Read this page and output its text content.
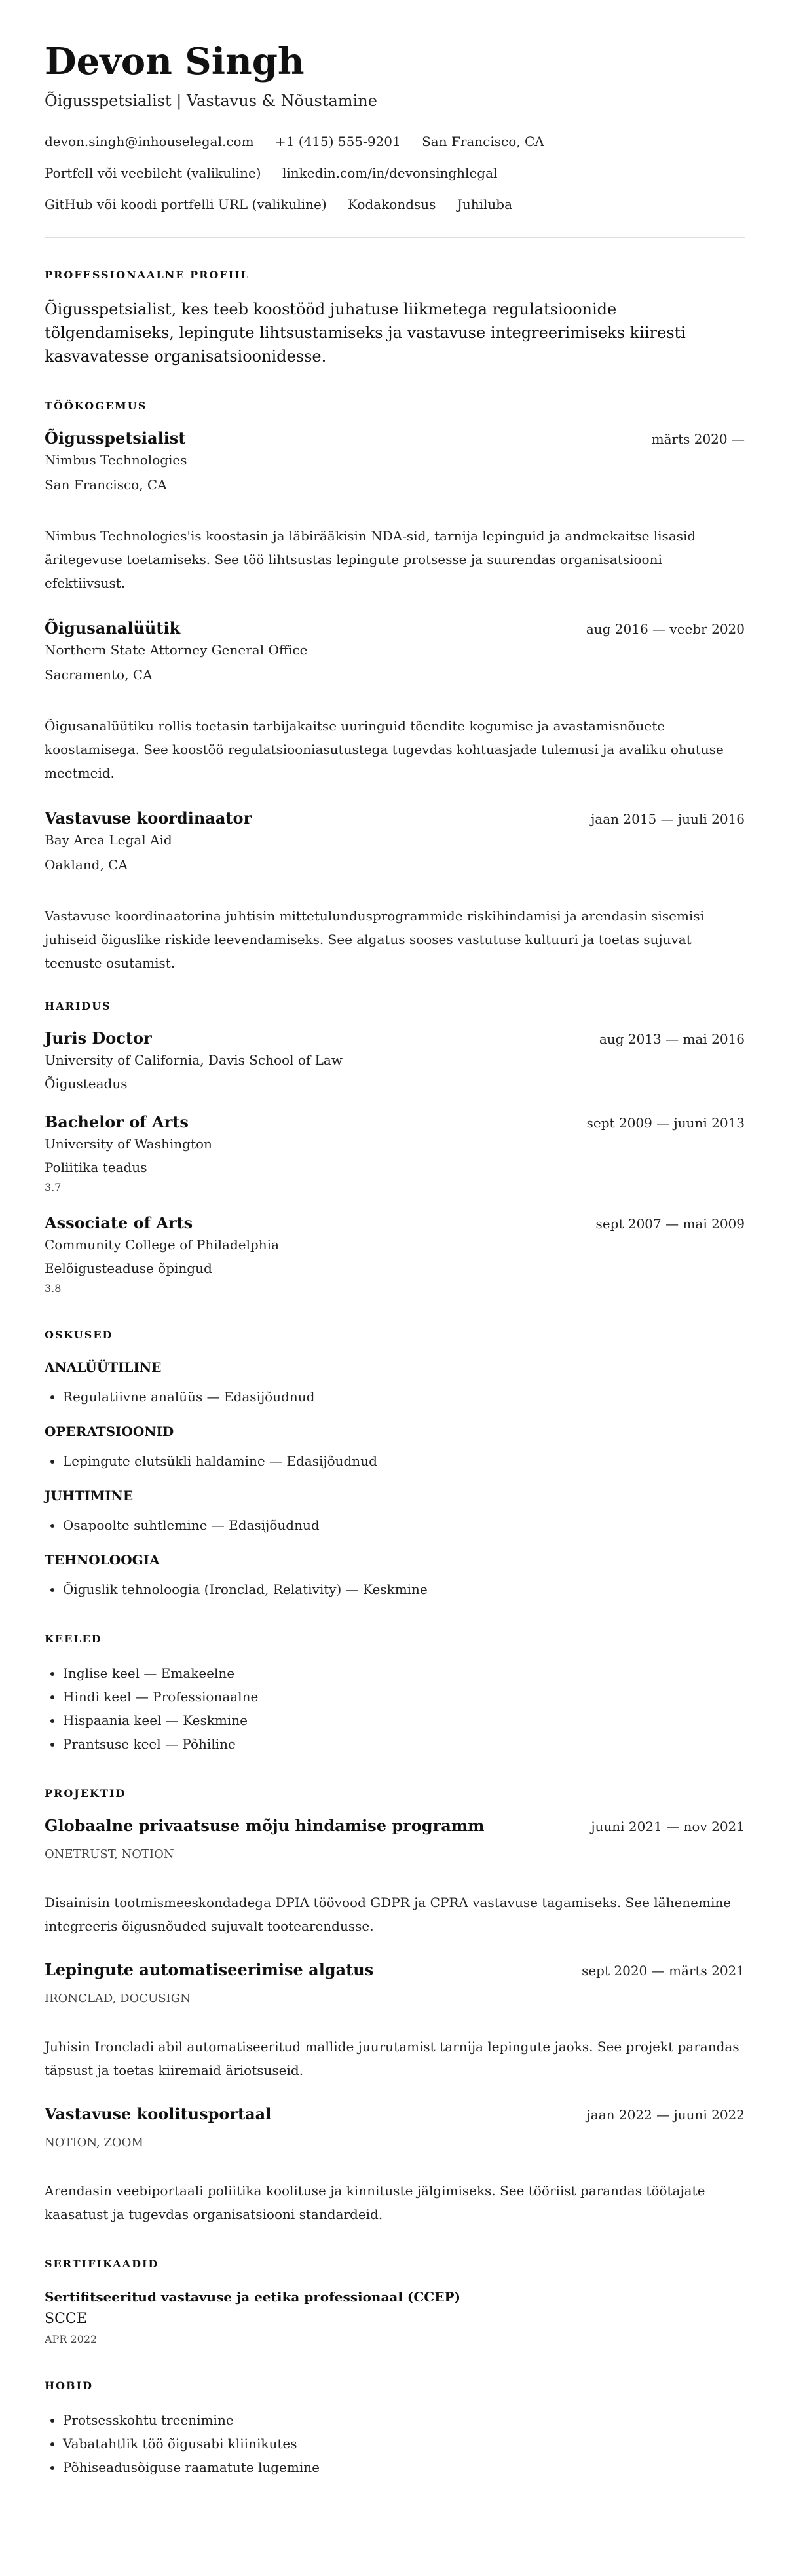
Devon Singh
Õigusspetsialist | Vastavus & Nõustamine
devon.singh@inhouselegal.com +1 (415) 555-9201 San Francisco, CA
Portfell või veebileht (valikuline) linkedin.com/in/devonsinghlegal
GitHub või koodi portfelli URL (valikuline) Kodakondsus Juhiluba
PROFESSIONAALNE PROFIIL

Õigusspetsialist, kes teeb koostööd juhatuse liikmetega regulatsioonide tõlgendamiseks, lepingute lihtsustamiseks ja vastavuse integreerimiseks kiiresti kasvavatesse organisatsioonidesse.

TÖÖKOGEMUS
Õigusspetsialist	märts 2020 —
Nimbus Technologies
San Francisco, CA

Nimbus Technologies'is koostasin ja läbirääkisin NDA-sid, tarnija lepinguid ja andmekaitse lisasid äritegevuse toetamiseks. See töö lihtsustas lepingute protsesse ja suurendas organisatsiooni efektiivsust.

Õigusanalüütik	aug 2016 — veebr 2020
Northern State Attorney General Office
Sacramento, CA

Õigusanalüütiku rollis toetasin tarbijakaitse uuringuid tõendite kogumise ja avastamisnõuete koostamisega. See koostöö regulatsiooniasutustega tugevdas kohtuasjade tulemusi ja avaliku ohutuse meetmeid.

Vastavuse koordinaator	jaan 2015 — juuli 2016
Bay Area Legal Aid
Oakland, CA

Vastavuse koordinaatorina juhtisin mittetulundusprogrammide riskihindamisi ja arendasin sisemisi juhiseid õiguslike riskide leevendamiseks. See algatus sooses vastutuse kultuuri ja toetas sujuvat teenuste osutamist.

HARIDUS
Juris Doctor	aug 2013 — mai 2016
University of California, Davis School of Law
Õigusteadus
Bachelor of Arts	sept 2009 — juuni 2013
University of Washington
Poliitika teadus
3.7
Associate of Arts	sept 2007 — mai 2009
Community College of Philadelphia
Eelõigusteaduse õpingud
3.8
OSKUSED
ANALÜÜTILINE
• Regulatiivne analüüs — Edasijõudnud
OPERATSIOONID
• Lepingute elutsükli haldamine — Edasijõudnud
JUHTIMINE
• Osapoolte suhtlemine — Edasijõudnud
TEHNOLOOGIA
• Õiguslik tehnoloogia (Ironclad, Relativity) — Keskmine
KEELED
• Inglise keel — Emakeelne
• Hindi keel — Professionaalne
• Hispaania keel — Keskmine
• Prantsuse keel — Põhiline
PROJEKTID
Globaalne privaatsuse mõju hindamise programm	juuni 2021 — nov 2021
ONETRUST, NOTION

Disainisin tootmismeeskondadega DPIA töövood GDPR ja CPRA vastavuse tagamiseks. See lähenemine integreeris õigusnõuded sujuvalt tootearendusse.

Lepingute automatiseerimise algatus	sept 2020 — märts 2021
IRONCLAD, DOCUSIGN

Juhisin Ironcladi abil automatiseeritud mallide juurutamist tarnija lepingute jaoks. See projekt parandas täpsust ja toetas kiiremaid äriotsuseid.

Vastavuse koolitusportaal	jaan 2022 — juuni 2022
NOTION, ZOOM

Arendasin veebiportaali poliitika koolituse ja kinnituste jälgimiseks. See tööriist parandas töötajate kaasatust ja tugevdas organisatsiooni standardeid.

SERTIFIKAADID
Sertifitseeritud vastavuse ja eetika professionaal (CCEP)
SCCE
APR 2022
HOBID
• Protsesskohtu treenimine
• Vabatahtlik töö õigusabi kliinikutes
• Põhiseadusõiguse raamatute lugemine
